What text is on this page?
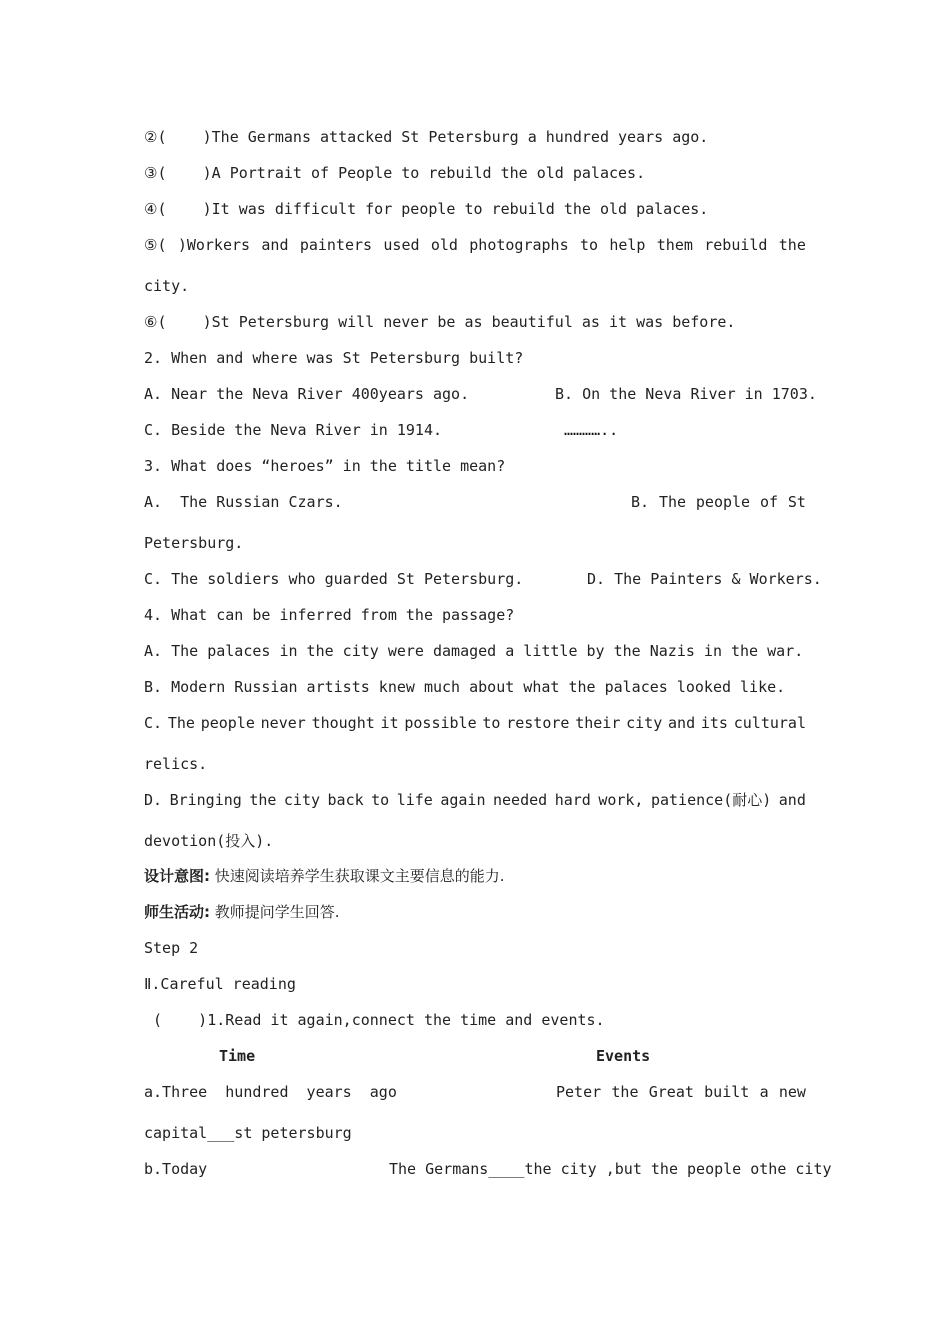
②(    )The Germans attacked St Petersburg a hundred years ago.
③(    )A Portrait of People to rebuild the old palaces.
④(    )It was difficult for people to rebuild the old palaces.
⑤( )Workers and painters used old photographs to help them rebuild the
city.
⑥(    )St Petersburg will never be as beautiful as it was before.
2. When and where was St Petersburg built?
A. Near the Neva River 400years ago.	B. On the Neva River in 1703.
C. Beside the Neva River in 1914.	…………..
3. What does “heroes” in the title mean?
A.  The Russian Czars.	B. The people of St
Petersburg.
C. The soldiers who guarded St Petersburg.	D. The Painters & Workers.
4. What can be inferred from the passage?
A. The palaces in the city were damaged a little by the Nazis in the war.
B. Modern Russian artists knew much about what the palaces looked like.
C. The people never thought it possible to restore their city and its cultural
relics.
D. Bringing the city back to life again needed hard work, patience(耐心) and
devotion(投入).
设计意图: 快速阅读培养学生获取课文主要信息的能力.
师生活动: 教师提问学生回答.
Step 2
Ⅱ.Careful reading
(    )1.Read it again,connect the time and events.
Time	Events
a.Three  hundred  years  ago	Peter the Great built a new
capital___st petersburg
b.Today	The Germans____the city ,but the people othe city
